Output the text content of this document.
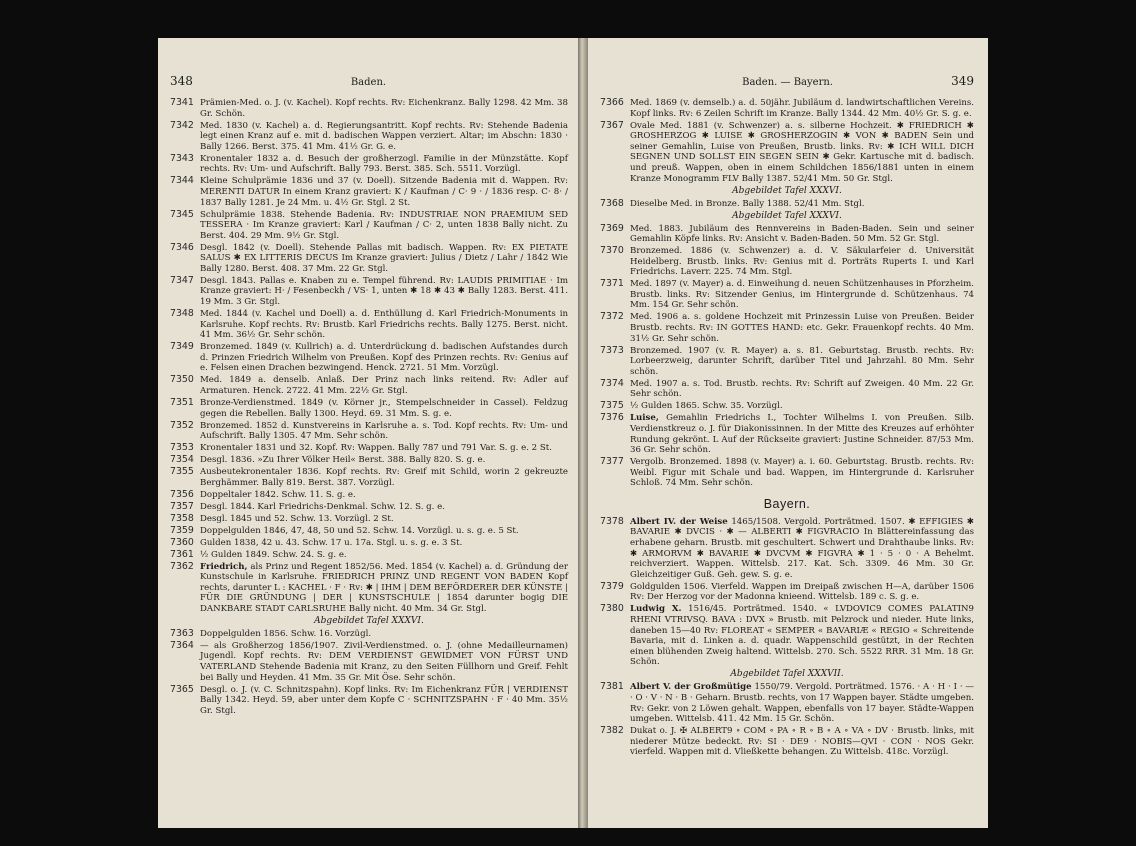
348	Baden.
7341 Prämien-Med. o. J. (v. Kachel). Kopf rechts. Rv: Eichenkranz. Bally 1298. 42 Mm. 38 Gr. Schön.
7342 Med. 1830 (v. Kachel) a. d. Regierungsantritt. Kopf rechts. Rv: Stehende Badenia legt einen Kranz auf e. mit d. badischen Wappen verziert. Altar; im Abschn: 1830 · Bally 1266. Berst. 375. 41 Mm. 41½ Gr. G. e.
7343 Kronentaler 1832 a. d. Besuch der großherzogl. Familie in der Münzstätte. Kopf rechts. Rv: Um- und Aufschrift. Bally 793. Berst. 385. Sch. 5511. Vorzügl.
7344 Kleine Schulprämie 1836 und 37 (v. Doell). Sitzende Badenia mit d. Wappen. Rv: MERENTI DATUR In einem Kranz graviert: K / Kaufman / C· 9 · / 1836 resp. C· 8· / 1837 Bally 1281. Je 24 Mm. u. 4½ Gr. Stgl. 2 St.
7345 Schulprämie 1838. Stehende Badenia. Rv: INDUSTRIAE NON PRAEMIUM SED TESSERA · Im Kranze graviert: Karl / Kaufman / C· 2, unten 1838 Bally nicht. Zu Berst. 404. 29 Mm. 9½ Gr. Stgl.
7346 Desgl. 1842 (v. Doell). Stehende Pallas mit badisch. Wappen. Rv: EX PIETATE SALUS ✱ EX LITTERIS DECUS Im Kranze graviert: Julius / Dietz / Lahr / 1842 Wie Bally 1280. Berst. 408. 37 Mm. 22 Gr. Stgl.
7347 Desgl. 1843. Pallas e. Knaben zu e. Tempel führend. Rv: LAUDIS PRIMITIAE · Im Kranze graviert: H· / Fesenbeckh / VS· 1, unten ✱ 18 ✱ 43 ✱ Bally 1283. Berst. 411. 19 Mm. 3 Gr. Stgl.
7348 Med. 1844 (v. Kachel und Doell) a. d. Enthüllung d. Karl Friedrich-Monuments in Karlsruhe. Kopf rechts. Rv: Brustb. Karl Friedrichs rechts. Bally 1275. Berst. nicht. 41 Mm. 36½ Gr. Sehr schön.
7349 Bronzemed. 1849 (v. Kullrich) a. d. Unterdrückung d. badischen Aufstandes durch d. Prinzen Friedrich Wilhelm von Preußen. Kopf des Prinzen rechts. Rv: Genius auf e. Felsen einen Drachen bezwingend. Henck. 2721. 51 Mm. Vorzügl.
7350 Med. 1849 a. denselb. Anlaß. Der Prinz nach links reitend. Rv: Adler auf Armaturen. Henck. 2722. 41 Mm. 22½ Gr. Stgl.
7351 Bronze-Verdienstmed. 1849 (v. Körner jr., Stempelschneider in Cassel). Feldzug gegen die Rebellen. Bally 1300. Heyd. 69. 31 Mm. S. g. e.
7352 Bronzemed. 1852 d. Kunstvereins in Karlsruhe a. s. Tod. Kopf rechts. Rv: Um- und Aufschrift. Bally 1305. 47 Mm. Sehr schön.
7353 Kronentaler 1831 und 32. Kopf. Rv: Wappen. Bally 787 und 791 Var. S. g. e. 2 St.
7354 Desgl. 1836. »Zu Ihrer Völker Heil« Berst. 388. Bally 820. S. g. e.
7355 Ausbeutekronentaler 1836. Kopf rechts. Rv: Greif mit Schild, worin 2 gekreuzte Berghämmer. Bally 819. Berst. 387. Vorzügl.
7356 Doppeltaler 1842. Schw. 11. S. g. e.
7357 Desgl. 1844. Karl Friedrichs-Denkmal. Schw. 12. S. g. e.
7358 Desgl. 1845 und 52. Schw. 13. Vorzügl. 2 St.
7359 Doppelgulden 1846, 47, 48, 50 und 52. Schw. 14. Vorzügl. u. s. g. e. 5 St.
7360 Gulden 1838, 42 u. 43. Schw. 17 u. 17a. Stgl. u. s. g. e. 3 St.
7361 ½ Gulden 1849. Schw. 24. S. g. e.
7362 Friedrich, als Prinz und Regent 1852/56. Med. 1854 (v. Kachel) a. d. Gründung der Kunstschule in Karlsruhe. FRIEDRICH PRINZ UND REGENT VON BADEN Kopf rechts, darunter L : KACHEL · F · Rv: ✱ | IHM | DEM BEFÖRDERER DER KÜNSTE | FÜR DIE GRÜNDUNG | DER | KUNSTSCHULE | 1854 darunter bogig DIE DANKBARE STADT CARLSRUHE Bally nicht. 40 Mm. 34 Gr. Stgl.
Abgebildet Tafel XXXVI.
7363 Doppelgulden 1856. Schw. 16. Vorzügl.
7364 — als Großherzog 1856/1907. Zivil-Verdienstmed. o. J. (ohne Medailleurnamen) Jugendl. Kopf rechts. Rv: DEM VERDIENST GEWIDMET VON FÜRST UND VATERLAND Stehende Badenia mit Kranz, zu den Seiten Füllhorn und Greif. Fehlt bei Bally und Heyden. 41 Mm. 35 Gr. Mit Öse. Sehr schön.
7365 Desgl. o. J. (v. C. Schnitzspahn). Kopf links. Rv: Im Eichenkranz FÜR | VERDIENST Bally 1342. Heyd. 59, aber unter dem Kopfe C · SCHNITZSPAHN · F · 40 Mm. 35½ Gr. Stgl.
Baden. — Bayern.	349
7366 Med. 1869 (v. demselb.) a. d. 50jähr. Jubiläum d. landwirtschaftlichen Vereins. Kopf links. Rv: 6 Zeilen Schrift im Kranze. Bally 1344. 42 Mm. 40½ Gr. S. g. e.
7367 Ovale Med. 1881 (v. Schwenzer) a. s. silberne Hochzeit. ✱ FRIEDRICH ✱ GROSHERZOG ✱ LUISE ✱ GROSHERZOGIN ✱ VON ✱ BADEN Sein und seiner Gemahlin, Luise von Preußen, Brustb. links. Rv: ✱ ICH WILL DICH SEGNEN UND SOLLST EIN SEGEN SEIN ✱ Gekr. Kartusche mit d. badisch. und preuß. Wappen, oben in einem Schildchen 1856/1881 unten in einem Kranze Monogramm FLV Bally 1387. 52/41 Mm. 50 Gr. Stgl.
Abgebildet Tafel XXXVI.
7368 Dieselbe Med. in Bronze. Bally 1388. 52/41 Mm. Stgl.
Abgebildet Tafel XXXVI.
7369 Med. 1883. Jubiläum des Rennvereins in Baden-Baden. Sein und seiner Gemahlin Köpfe links. Rv: Ansicht v. Baden-Baden. 50 Mm. 52 Gr. Stgl.
7370 Bronzemed. 1886 (v. Schwenzer) a. d. V. Säkularfeier d. Universität Heidelberg. Brustb. links. Rv: Genius mit d. Porträts Ruperts I. und Karl Friedrichs. Laverr. 225. 74 Mm. Stgl.
7371 Med. 1897 (v. Mayer) a. d. Einweihung d. neuen Schützenhauses in Pforzheim. Brustb. links. Rv: Sitzender Genius, im Hintergrunde d. Schützenhaus. 74 Mm. 154 Gr. Sehr schön.
7372 Med. 1906 a. s. goldene Hochzeit mit Prinzessin Luise von Preußen. Beider Brustb. rechts. Rv: IN GOTTES HAND: etc. Gekr. Frauenkopf rechts. 40 Mm. 31½ Gr. Sehr schön.
7373 Bronzemed. 1907 (v. R. Mayer) a. s. 81. Geburtstag. Brustb. rechts. Rv: Lorbeerzweig, darunter Schrift, darüber Titel und Jahrzahl. 80 Mm. Sehr schön.
7374 Med. 1907 a. s. Tod. Brustb. rechts. Rv: Schrift auf Zweigen. 40 Mm. 22 Gr. Sehr schön.
7375 ½ Gulden 1865. Schw. 35. Vorzügl.
7376 Luise, Gemahlin Friedrichs I., Tochter Wilhelms I. von Preußen. Silb. Verdienstkreuz o. J. für Diakonissinnen. In der Mitte des Kreuzes auf erhöhter Rundung gekrönt. L Auf der Rückseite graviert: Justine Schneider. 87/53 Mm. 36 Gr. Sehr schön.
7377 Vergolb. Bronzemed. 1898 (v. Mayer) a. i. 60. Geburtstag. Brustb. rechts. Rv: Weibl. Figur mit Schale und bad. Wappen, im Hintergrunde d. Karlsruher Schloß. 74 Mm. Sehr schön.
Bayern.
7378 Albert IV. der Weise 1465/1508. Vergold. Porträtmed. 1507. ✱ EFFIGIES ✱ BAVARIE ✱ DVCIS · ✱ — ALBERTI ✱ FIGVRACIO In Blättereinfassung das erhabene geharn. Brustb. mit geschultert. Schwert und Drahthaube links. Rv: ✱ ARMORVM ✱ BAVARIE ✱ DVCVM ✱ FIGVRA ✱ 1 · 5 · 0 · A Behelmt. reichverziert. Wappen. Wittelsb. 217. Kat. Sch. 3309. 46 Mm. 30 Gr. Gleichzeitiger Guß. Geh. gew. S. g. e.
7379 Goldgulden 1506. Vierfeld. Wappen im Dreipaß zwischen H—A, darüber 1506 Rv: Der Herzog vor der Madonna knieend. Wittelsb. 189 c. S. g. e.
7380 Ludwig X. 1516/45. Porträtmed. 1540. « LVDOVIC9 COMES PALATIN9 RHENI VTRIVSQ. BAVA : DVX » Brustb. mit Pelzrock und nieder. Hute links, daneben 15—40 Rv: FLOREAT « SEMPER « BAVARIÆ « REGIO « Schreitende Bavaria, mit d. Linken a. d. quadr. Wappenschild gestützt, in der Rechten einen blühenden Zweig haltend. Wittelsb. 270. Sch. 5522 RRR. 31 Mm. 18 Gr. Schön.
Abgebildet Tafel XXXVII.
7381 Albert V. der Großmütige 1550/79. Vergold. Porträtmed. 1576. · A · H · I · — · O · V · N · B · Geharn. Brustb. rechts, von 17 Wappen bayer. Städte umgeben. Rv: Gekr. von 2 Löwen gehalt. Wappen, ebenfalls von 17 bayer. Städte-Wappen umgeben. Wittelsb. 411. 42 Mm. 15 Gr. Schön.
7382 Dukat o. J. ✠ ALBERT9 ∘ COM ∘ PA ∘ R ∘ B ∘ A ∘ VA ∘ DV · Brustb. links, mit niederer Mütze bedeckt. Rv: SI · DE9 · NOBIS—QVI · CON · NOS Gekr. vierfeld. Wappen mit d. Vließkette behangen. Zu Wittelsb. 418c. Vorzügl.
